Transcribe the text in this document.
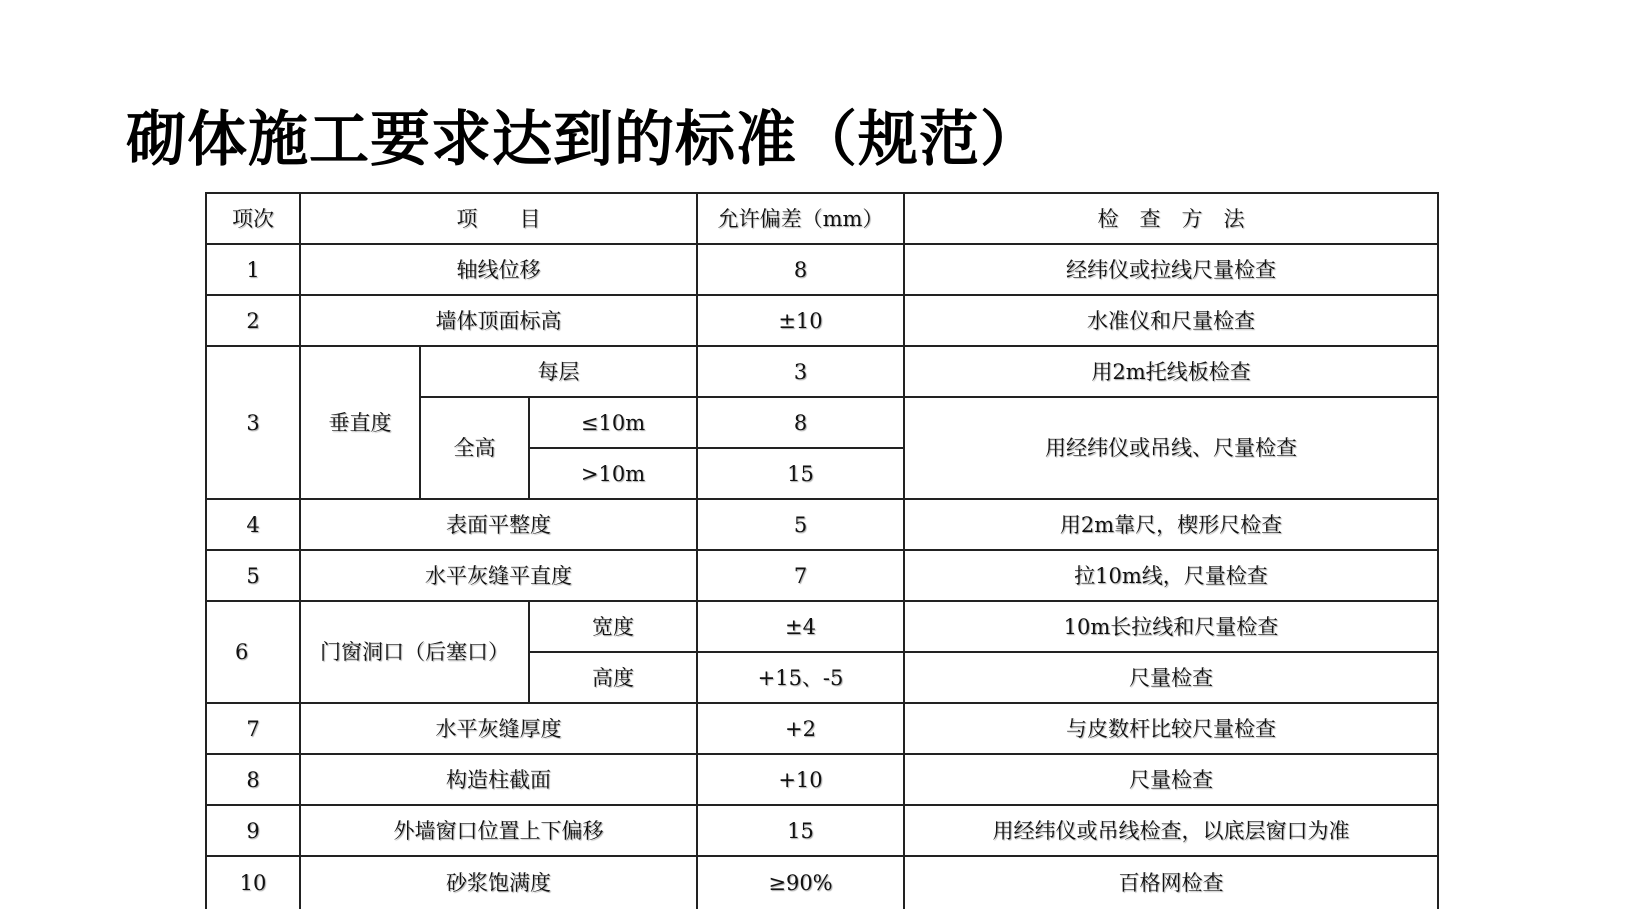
砌体施工要求达到的标准（规范）
项次	项　　目			允许偏差（mm）	检　查　方　法
1	轴线位移			8	经纬仪或拉线尺量检查
2	墙体顶面标高			±10	水准仪和尺量检查
3	垂直度	每层		3	用2m托线板检查
		全高	≤10m	8	用经纬仪或吊线、尺量检查
			>10m	15	
4	表面平整度			5	用2m靠尺，楔形尺检查
5	水平灰缝平直度			7	拉10m线，尺量检查
6	门窗洞口（后塞口）		宽度	±4	10m长拉线和尺量检查
			高度	+15、-5	尺量检查
7	水平灰缝厚度			+2	与皮数杆比较尺量检查
8	构造柱截面			+10	尺量检查
9	外墙窗口位置上下偏移			15	用经纬仪或吊线检查，以底层窗口为准
10	砂浆饱满度			≥90%	百格网检查
